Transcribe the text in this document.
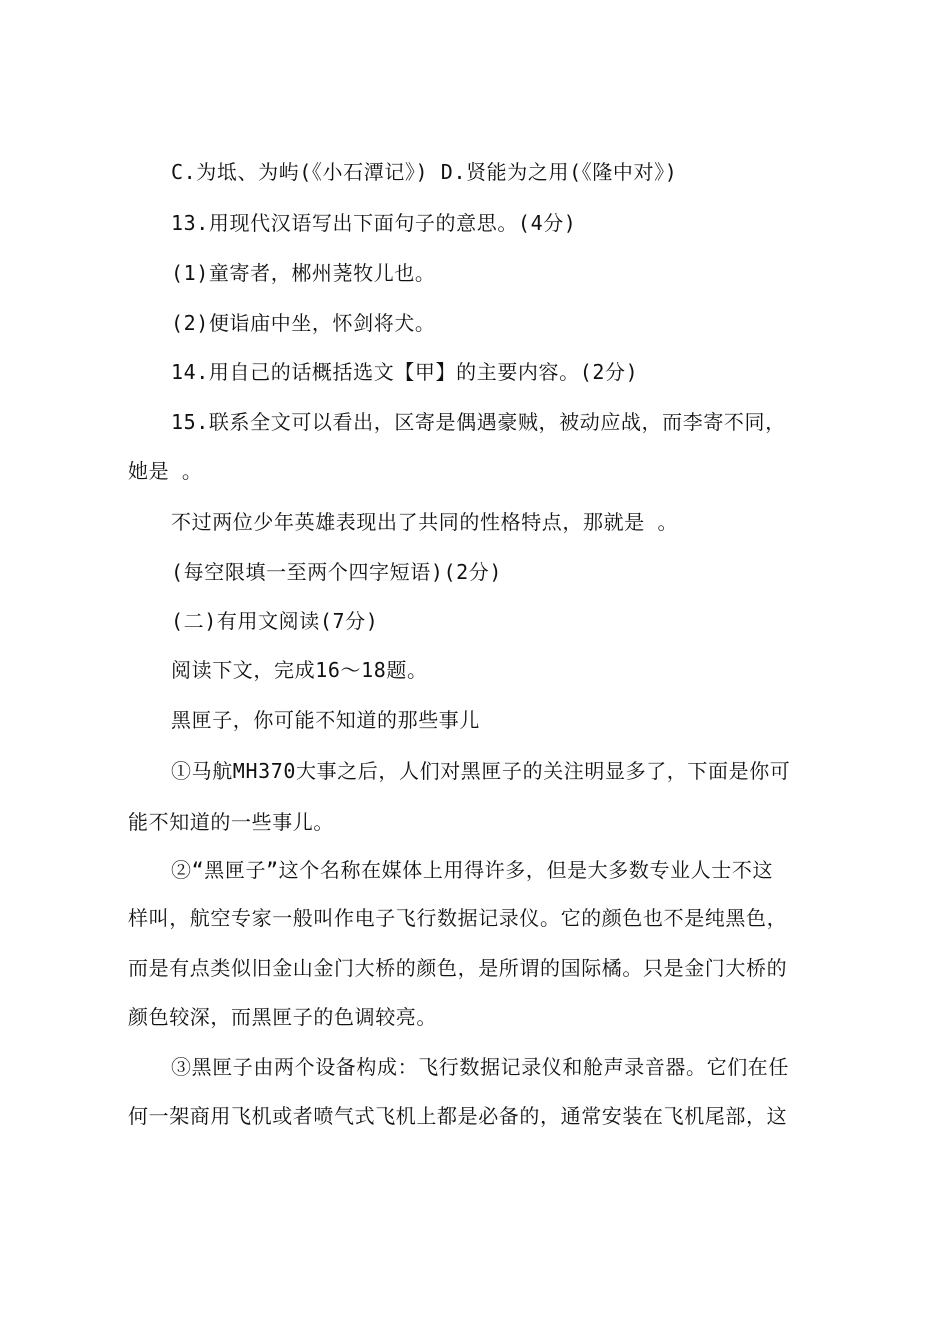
C.为坻、为屿(《小石潭记》) D.贤能为之用(《隆中对》)
13.用现代汉语写出下面句子的意思。(4分)
(1)童寄者，郴州荛牧儿也。
(2)便诣庙中坐，怀剑将犬。
14.用自己的话概括选文【甲】的主要内容。(2分)
15.联系全文可以看出，区寄是偶遇豪贼，被动应战，而李寄不同，
她是 。
不过两位少年英雄表现出了共同的性格特点，那就是 。
(每空限填一至两个四字短语)(2分)
(二)有用文阅读(7分)
阅读下文，完成16～18题。
黑匣子，你可能不知道的那些事儿
①马航MH370大事之后，人们对黑匣子的关注明显多了，下面是你可
能不知道的一些事儿。
②“黑匣子”这个名称在媒体上用得许多，但是大多数专业人士不这
样叫，航空专家一般叫作电子飞行数据记录仪。它的颜色也不是纯黑色，
而是有点类似旧金山金门大桥的颜色，是所谓的国际橘。只是金门大桥的
颜色较深，而黑匣子的色调较亮。
③黑匣子由两个设备构成：飞行数据记录仪和舱声录音器。它们在任
何一架商用飞机或者喷气式飞机上都是必备的，通常安装在飞机尾部，这
